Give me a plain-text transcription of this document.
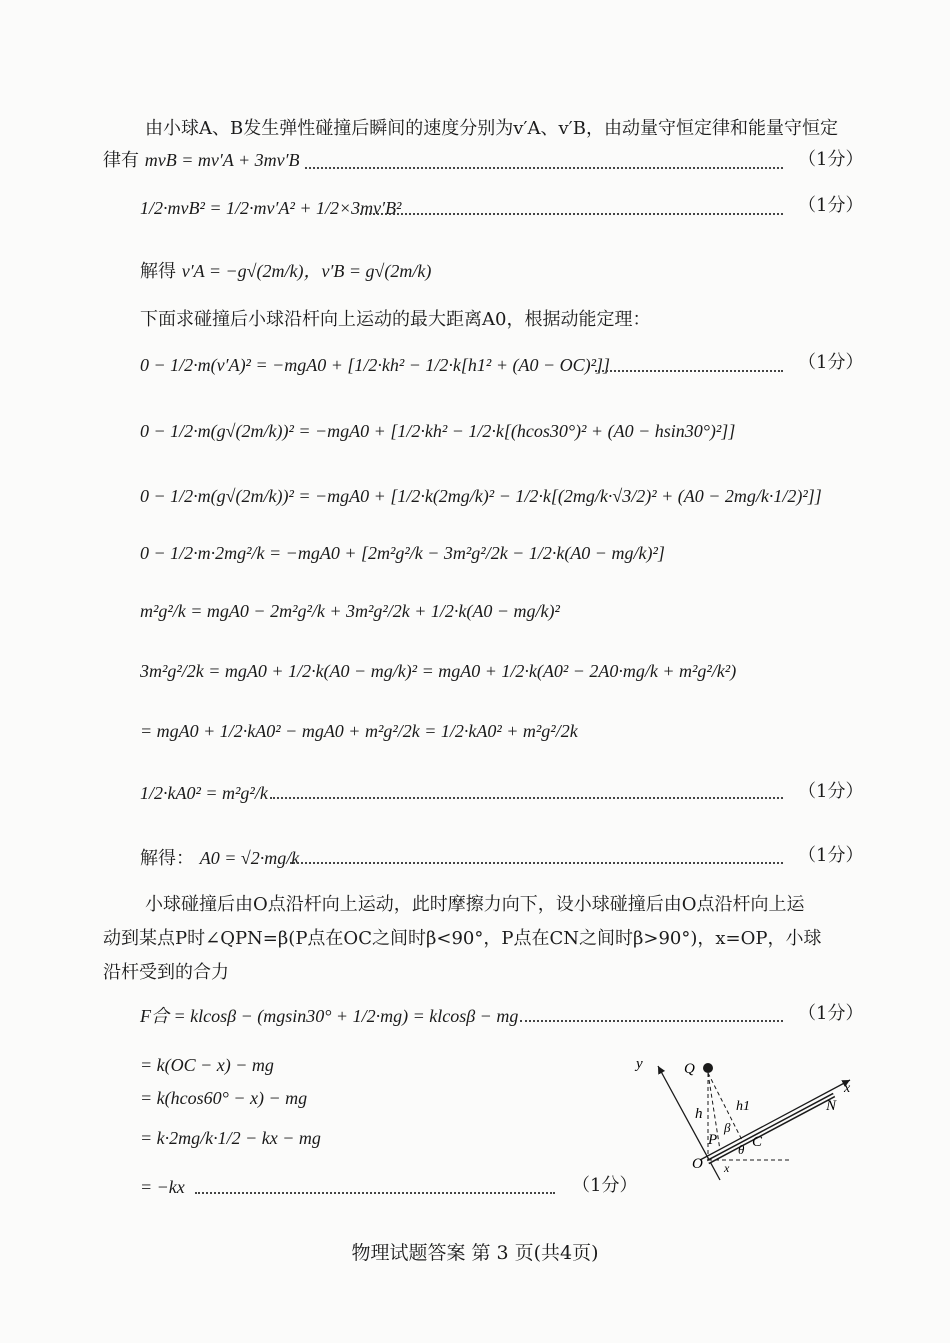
由小球A、B发生弹性碰撞后瞬间的速度分别为v′A、v′B，由动量守恒定律和能量守恒定
律有 mvB = mv′A + 3mv′B	（1分）
1/2·mvB² = 1/2·mv′A² + 1/2×3mv′B²	（1分）
解得 v′A = −g√(2m/k)，v′B = g√(2m/k)
下面求碰撞后小球沿杆向上运动的最大距离A0，根据动能定理：
0 − 1/2·m(v′A)² = −mgA0 + [1/2·kh² − 1/2·k[h1² + (A0 − OC)²]]	（1分）
0 − 1/2·m(g√(2m/k))² = −mgA0 + [1/2·kh² − 1/2·k[(hcos30°)² + (A0 − hsin30°)²]]
0 − 1/2·m(g√(2m/k))² = −mgA0 + [1/2·k(2mg/k)² − 1/2·k[(2mg/k·√3/2)² + (A0 − 2mg/k·1/2)²]]
0 − 1/2·m·2mg²/k = −mgA0 + [2m²g²/k − 3m²g²/2k − 1/2·k(A0 − mg/k)²]
m²g²/k = mgA0 − 2m²g²/k + 3m²g²/2k + 1/2·k(A0 − mg/k)²
3m²g²/2k = mgA0 + 1/2·k(A0 − mg/k)² = mgA0 + 1/2·k(A0² − 2A0·mg/k + m²g²/k²)
= mgA0 + 1/2·kA0² − mgA0 + m²g²/2k = 1/2·kA0² + m²g²/2k
1/2·kA0² = m²g²/k	（1分）
解得： A0 = √2·mg/k	（1分）
小球碰撞后由O点沿杆向上运动，此时摩擦力向下，设小球碰撞后由O点沿杆向上运
动到某点P时∠QPN=β(P点在OC之间时β<90°，P点在CN之间时β>90°)，x=OP，小球
沿杆受到的合力
F合 = klcosβ − (mgsin30° + 1/2·mg) = klcosβ − mg	（1分）
= k(OC − x) − mg
= k(hcos60° − x) − mg
= k·2mg/k·1/2 − kx − mg
= −kx	（1分）
y	Q
h h1
β
P C
θ
O x
N
x
物理试题答案 第 3 页(共4页)
